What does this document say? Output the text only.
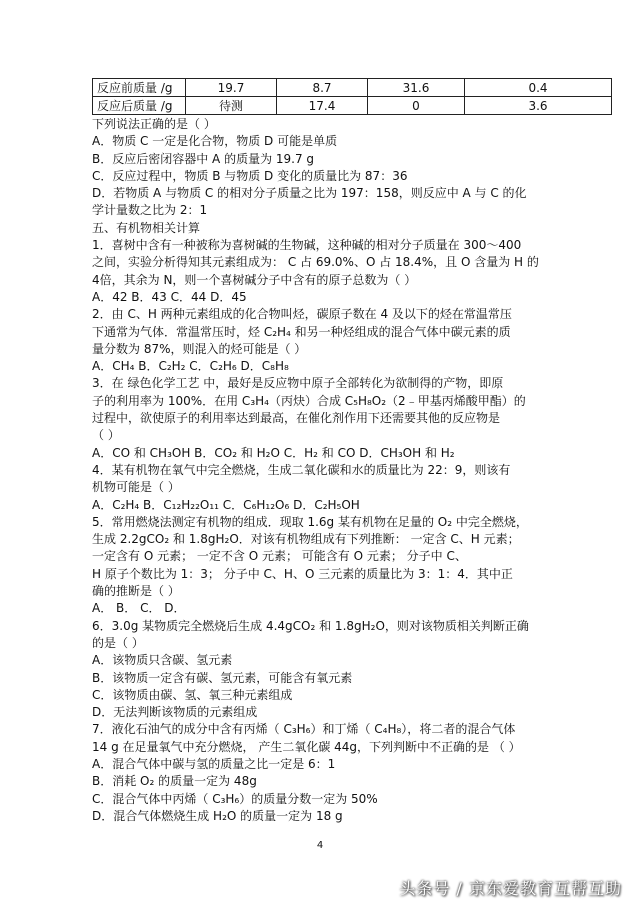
反应前质量 /g	19.7	8.7	31.6	0.4
反应后质量 /g	待测	17.4	0	3.6
下列说法正确的是（ ）
A．物质 C 一定是化合物，物质 D 可能是单质
B．反应后密闭容器中 A 的质量为 19.7 g
C．反应过程中，物质 B 与物质 D 变化的质量比为 87：36
D．若物质 A 与物质 C 的相对分子质量之比为 197：158，则反应中 A 与 C 的化
学计量数之比为 2：1
五、有机物相关计算
1．喜树中含有一种被称为喜树碱的生物碱，这种碱的相对分子质量在 300～400
之间，实验分析得知其元素组成为： C 占 69.0%、O 占 18.4%，且 O 含量为 H 的
4倍，其余为 N，则一个喜树碱分子中含有的原子总数为（ ）
A．42 B．43 C．44 D．45
2．由 C、H 两种元素组成的化合物叫烃，碳原子数在 4 及以下的烃在常温常压
下通常为气体．常温常压时，烃 C₂H₄ 和另一种烃组成的混合气体中碳元素的质
量分数为 87%，则混入的烃可能是（ ）
A．CH₄ B．C₂H₂ C．C₂H₆ D．C₈H₈
3．在 绿色化学工艺 中，最好是反应物中原子全部转化为欲制得的产物，即原
子的利用率为 100%．在用 C₃H₄（丙炔）合成 C₅H₈O₂（2﹣甲基丙烯酸甲酯）的
过程中，欲使原子的利用率达到最高，在催化剂作用下还需要其他的反应物是
（ ）
A．CO 和 CH₃OH B．CO₂ 和 H₂O C．H₂ 和 CO D．CH₃OH 和 H₂
4．某有机物在氧气中完全燃烧，生成二氧化碳和水的质量比为 22：9，则该有
机物可能是（ ）
A．C₂H₄ B．C₁₂H₂₂O₁₁ C．C₆H₁₂O₆ D．C₂H₅OH
5．常用燃烧法测定有机物的组成．现取 1.6g 某有机物在足量的 O₂ 中完全燃烧，
生成 2.2gCO₂ 和 1.8gH₂O．对该有机物组成有下列推断： 一定含 C、H 元素；
一定含有 O 元素； 一定不含 O 元素； 可能含有 O 元素； 分子中 C、
H 原子个数比为 1：3； 分子中 C、H、O 三元素的质量比为 3：1：4．其中正
确的推断是（ ）
A． B． C． D．
6．3.0g 某物质完全燃烧后生成 4.4gCO₂ 和 1.8gH₂O，则对该物质相关判断正确
的是（ ）
A．该物质只含碳、氢元素
B．该物质一定含有碳、氢元素，可能含有氧元素
C．该物质由碳、氢、氧三种元素组成
D．无法判断该物质的元素组成
7．液化石油气的成分中含有丙烯（ C₃H₆）和丁烯（ C₄H₈），将二者的混合气体
14 g 在足量氧气中充分燃烧， 产生二氧化碳 44g，下列判断中不正确的是 （ ）
A．混合气体中碳与氢的质量之比一定是 6：1
B．消耗 O₂ 的质量一定为 48g
C．混合气体中丙烯（ C₃H₆）的质量分数一定为 50%
D．混合气体燃烧生成 H₂O 的质量一定为 18 g
4
头条号 / 京东爱教育互帮互助
